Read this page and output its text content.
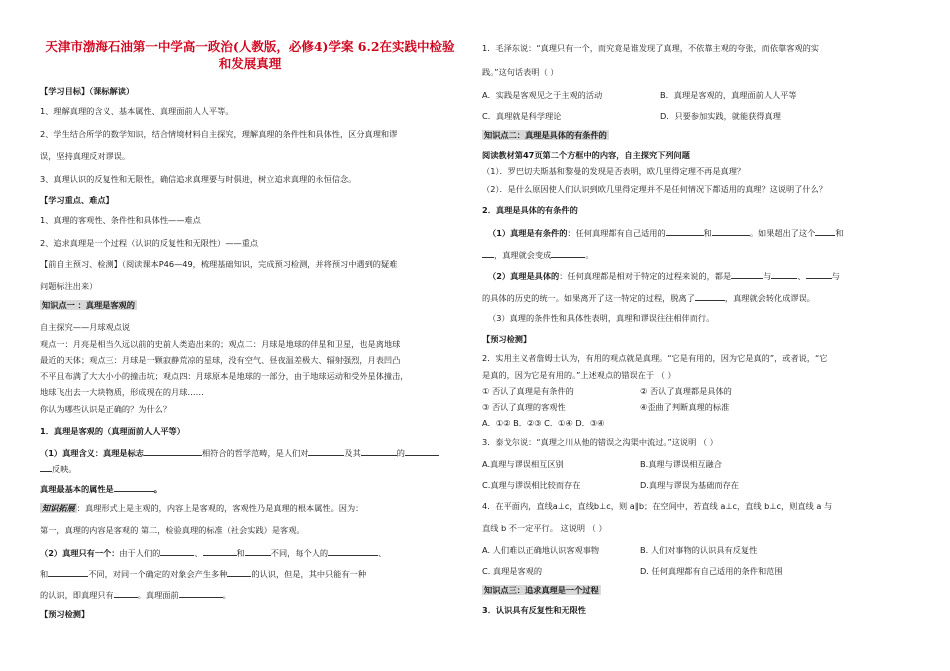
天津市渤海石油第一中学高一政治(人教版，必修4)学案 6.2在实践中检验
和发展真理
【学习目标】（课标解读）
1、理解真理的含义、基本属性、真理面前人人平等。
2、学生结合所学的数学知识，结合情境材料自主探究，理解真理的条件性和具体性，区分真理和谬
误，坚持真理反对谬误。
3、真理认识的反复性和无限性，确信追求真理要与时俱进，树立追求真理的永恒信念。
【学习重点、难点】
1、真理的客观性、条件性和具体性——难点
2、追求真理是一个过程（认识的反复性和无限性）——重点
【前自主预习、检测】（阅读课本P46—49，梳理基础知识，完成预习检测，并将预习中遇到的疑难
问题标注出来）
知识点一 ：真理是客观的
自主探究——月球观点说
观点一：月亮是相当久远以前的史前人类造出来的；观点二：月球是地球的伴星和卫星，也是离地球
最近的天体；观点三：月球是一颗寂静荒凉的星球，没有空气、昼夜温差极大、辐射强烈，月表凹凸
不平且布满了大大小小的撞击坑；观点四：月球原本是地球的一部分，由于地球运动和受外星体撞击，
地球飞出去一大块物质，形成现在的月球……
你认为哪些认识是正确的？为什么？
1．真理是客观的（真理面前人人平等）
（1）真理含义：真理是标志	相符合的哲学范畴，是人们对	及其	的
反映。
真理最基本的属性是	。
知识拓展 ：真理形式上是主观的，内容上是客观的，客观性乃是真理的根本属性。因为：
第一，真理的内容是客观的 第二，检验真理的标准（社会实践）是客观。
（2）真理只有一个：由于人们的	、	和	不同，每个人的	、
和	不同，对同一个确定的对象会产生多种	的认识，但是，其中只能有一种
的认识，即真理只有	。真理面前	。
【预习检测】
1．毛泽东说：“真理只有一个，而究竟是谁发现了真理，不依靠主观的夸张，而依靠客观的实
践。”这句话表明（ ）
A．实践是客观见之于主观的活动	B．真理是客观的，真理面前人人平等
C．真理就是科学理论	D．只要参加实践，就能获得真理
知识点二：真理是具体的有条件的
阅读教材第47页第二个方框中的内容，自主探究下列问题
（1）．罗巴切夫斯基和黎曼的发现是否表明，欧几里得定理不再是真理？
（2）．是什么原因使人们认识到欧几里得定理并不是任何情况下都适用的真理？这说明了什么？
2．真理是具体的有条件的
（1）真理是有条件的：任何真理都有自己适用的	和	。如果超出了这个 和
，真理就会变成	。
（2）真理是具体的：任何真理都是相对于特定的过程来说的，都是	与	、	与
的具体的历史的统一。如果离开了这一特定的过程，脱离了	，真理就会转化成谬误。
（3）真理的条件性和具体性表明，真理和谬误往往相伴而行。
【预习检测】
2．实用主义者詹姆士认为，有用的观点就是真理。“它是有用的，因为它是真的”，或者说，“它
是真的，因为它是有用的。”上述观点的错误在于 （ ）
① 否认了真理是有条件的	② 否认了真理都是具体的
③ 否认了真理的客观性	④歪曲了判断真理的标准
A．①② B．②③ C．①④ D．③④
3．泰戈尔说：“真理之川从他的错误之沟渠中流过。”这说明 （ ）
A.真理与谬误相互区别	B.真理与谬误相互融合
C.真理与谬误相比较而存在	D.真理与谬误为基础而存在
4．在平面内，直线a⊥c，直线b⊥c，则 a∥b；在空间中，若直线 a⊥c，直线 b⊥c，则直线 a 与
直线 b 不一定平行。 这说明 （ ）
A. 人们难以正确地认识客观事物	B. 人们对事物的认识具有反复性
C. 真理是客观的	D. 任何真理都有自己适用的条件和范围
知识点三：追求真理是一个过程
3．认识具有反复性和无限性
